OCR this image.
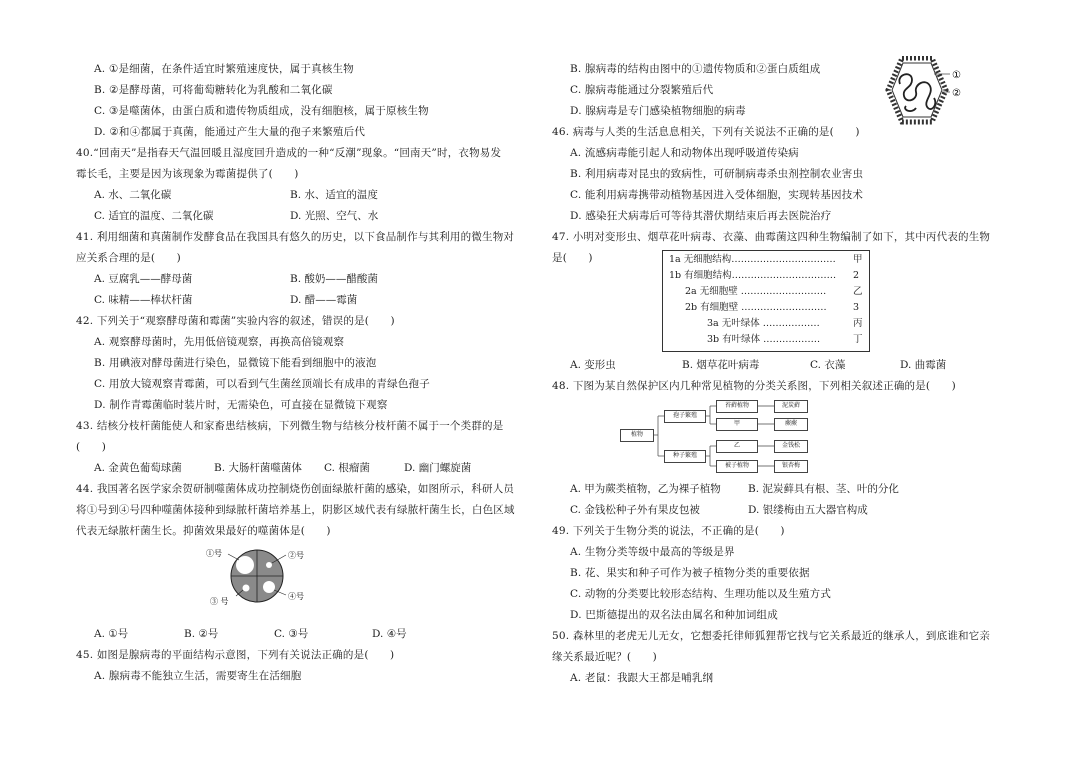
A. ①是细菌，在条件适宜时繁殖速度快，属于真核生物
B. ②是酵母菌，可将葡萄糖转化为乳酸和二氧化碳
C. ③是噬菌体，由蛋白质和遗传物质组成，没有细胞核，属于原核生物
D. ②和④都属于真菌，能通过产生大量的孢子来繁殖后代
40.“回南天”是指春天气温回暖且湿度回升造成的一种“反潮”现象。“回南天”时，衣物易发
霉长毛，主要是因为该现象为霉菌提供了(　　)
A. 水、二氧化碳	B. 水、适宜的温度
C. 适宜的温度、二氧化碳	D. 光照、空气、水
41. 利用细菌和真菌制作发酵食品在我国具有悠久的历史，以下食品制作与其利用的微生物对
应关系合理的是(　　)
A. 豆腐乳——酵母菌	B. 酸奶——醋酸菌
C. 味精——棒状杆菌	D. 醋——霉菌
42. 下列关于“观察酵母菌和霉菌”实验内容的叙述，错误的是(　　)
A. 观察酵母菌时，先用低倍镜观察，再换高倍镜观察
B. 用碘液对酵母菌进行染色，显微镜下能看到细胞中的液泡
C. 用放大镜观察青霉菌，可以看到气生菌丝顶端长有成串的青绿色孢子
D. 制作青霉菌临时装片时，无需染色，可直接在显微镜下观察
43. 结核分枝杆菌能使人和家畜患结核病，下列微生物与结核分枝杆菌不属于一个类群的是
(　　)
A. 金黄色葡萄球菌	B. 大肠杆菌噬菌体 C. 根瘤菌	D. 幽门螺旋菌
44. 我国著名医学家余贺研制噬菌体成功控制烧伤创面绿脓杆菌的感染，如图所示，科研人员
将①号到④号四种噬菌体接种到绿脓杆菌培养基上，阴影区域代表有绿脓杆菌生长，白色区域
代表无绿脓杆菌生长。抑菌效果最好的噬菌体是(　　)
①号	②号
③ 号
④号
A. ①号	B. ②号	C. ③号	D. ④号
45. 如图是腺病毒的平面结构示意图，下列有关说法正确的是(　　)
A. 腺病毒不能独立生活，需要寄生在活细胞
B. 腺病毒的结构由图中的①遗传物质和②蛋白质组成
C. 腺病毒能通过分裂繁殖后代
D. 腺病毒是专门感染植物细胞的病毒
①
②
46. 病毒与人类的生活息息相关，下列有关说法不正确的是(　　)
A. 流感病毒能引起人和动物体出现呼吸道传染病
B. 利用病毒对昆虫的致病性，可研制病毒杀虫剂控制农业害虫
C. 能利用病毒携带动植物基因进入受体细胞，实现转基因技术
D. 感染狂犬病毒后可等待其潜伏期结束后再去医院治疗
47. 小明对变形虫、烟草花叶病毒、衣藻、曲霉菌这四种生物编制了如下，其中丙代表的生物
是(　　)	1a 无细胞结构…………………………… 甲
1b 有细胞结构…………………………… 2
2a 无细胞壁 ………………………	乙
2b 有细胞壁 ………………………	3
3a 无叶绿体 ………………	丙
3b 有叶绿体 ………………	丁
A. 变形虫	B. 烟草花叶病毒	C. 衣藻	D. 曲霉菌
48. 下图为某自然保护区内几种常见植物的分类关系图，下列相关叙述正确的是(　　)
植物
孢子繁殖
种子繁殖
苔藓植物
甲
乙
被子植物
泥炭藓
蕨蕨
金钱松
银杏梅
A. 甲为蕨类植物，乙为裸子植物	B. 泥炭藓具有根、茎、叶的分化
C. 金钱松种子外有果皮包被	D. 银缕梅由五大器官构成
49. 下列关于生物分类的说法，不正确的是(　　)
A. 生物分类等级中最高的等级是界
B. 花、果实和种子可作为被子植物分类的重要依据
C. 动物的分类要比较形态结构、生理功能以及生殖方式
D. 巴斯德提出的双名法由属名和种加词组成
50. 森林里的老虎无儿无女，它想委托律师狐狸帮它找与它关系最近的继承人，到底谁和它亲
缘关系最近呢？(　　)
A. 老鼠：我跟大王都是哺乳纲
